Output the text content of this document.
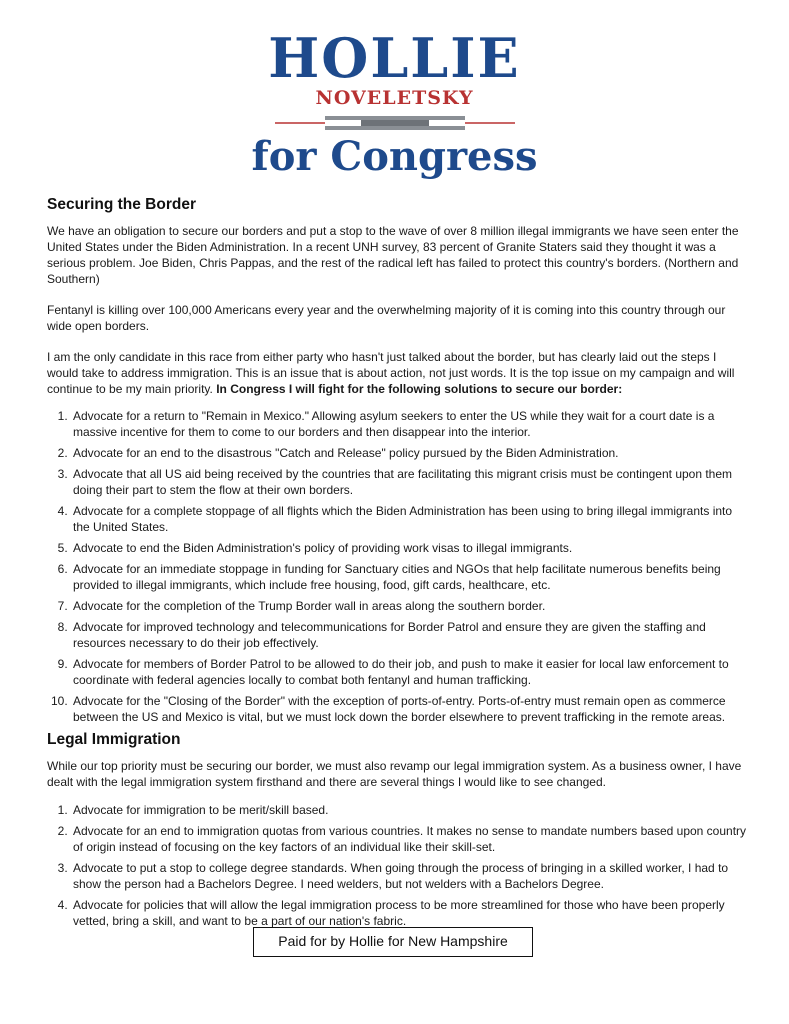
HOLLIE
NOVELETSKY
for Congress
Securing the Border

We have an obligation to secure our borders and put a stop to the wave of over 8 million illegal immigrants we have seen enter the United States under the Biden Administration. In a recent UNH survey, 83 percent of Granite Staters said they thought it was a serious problem. Joe Biden, Chris Pappas, and the rest of the radical left has failed to protect this country's borders. (Northern and Southern)

Fentanyl is killing over 100,000 Americans every year and the overwhelming majority of it is coming into this country through our wide open borders.

I am the only candidate in this race from either party who hasn't just talked about the border, but has clearly laid out the steps I would take to address immigration. This is an issue that is about action, not just words. It is the top issue on my campaign and will continue to be my main priority. In Congress I will fight for the following solutions to secure our border:

1. Advocate for a return to "Remain in Mexico." Allowing asylum seekers to enter the US while they wait for a court date is a massive incentive for them to come to our borders and then disappear into the interior.
2. Advocate for an end to the disastrous "Catch and Release" policy pursued by the Biden Administration.
3. Advocate that all US aid being received by the countries that are facilitating this migrant crisis must be contingent upon them doing their part to stem the flow at their own borders.
4. Advocate for a complete stoppage of all flights which the Biden Administration has been using to bring illegal immigrants into the United States.
5. Advocate to end the Biden Administration's policy of providing work visas to illegal immigrants.
6. Advocate for an immediate stoppage in funding for Sanctuary cities and NGOs that help facilitate numerous benefits being provided to illegal immigrants, which include free housing, food, gift cards, healthcare, etc.
7. Advocate for the completion of the Trump Border wall in areas along the southern border.
8. Advocate for improved technology and telecommunications for Border Patrol and ensure they are given the staffing and resources necessary to do their job effectively.
9. Advocate for members of Border Patrol to be allowed to do their job, and push to make it easier for local law enforcement to coordinate with federal agencies locally to combat both fentanyl and human trafficking.
10. Advocate for the "Closing of the Border" with the exception of ports-of-entry. Ports-of-entry must remain open as commerce between the US and Mexico is vital, but we must lock down the border elsewhere to prevent trafficking in the remote areas.
Legal Immigration

While our top priority must be securing our border, we must also revamp our legal immigration system. As a business owner, I have dealt with the legal immigration system firsthand and there are several things I would like to see changed.

1. Advocate for immigration to be merit/skill based.
2. Advocate for an end to immigration quotas from various countries. It makes no sense to mandate numbers based upon country of origin instead of focusing on the key factors of an individual like their skill-set.
3. Advocate to put a stop to college degree standards. When going through the process of bringing in a skilled worker, I had to show the person had a Bachelors Degree. I need welders, but not welders with a Bachelors Degree.
4. Advocate for policies that will allow the legal immigration process to be more streamlined for those who have been properly vetted, bring a skill, and want to be a part of our nation's fabric.
Paid for by Hollie for New Hampshire
